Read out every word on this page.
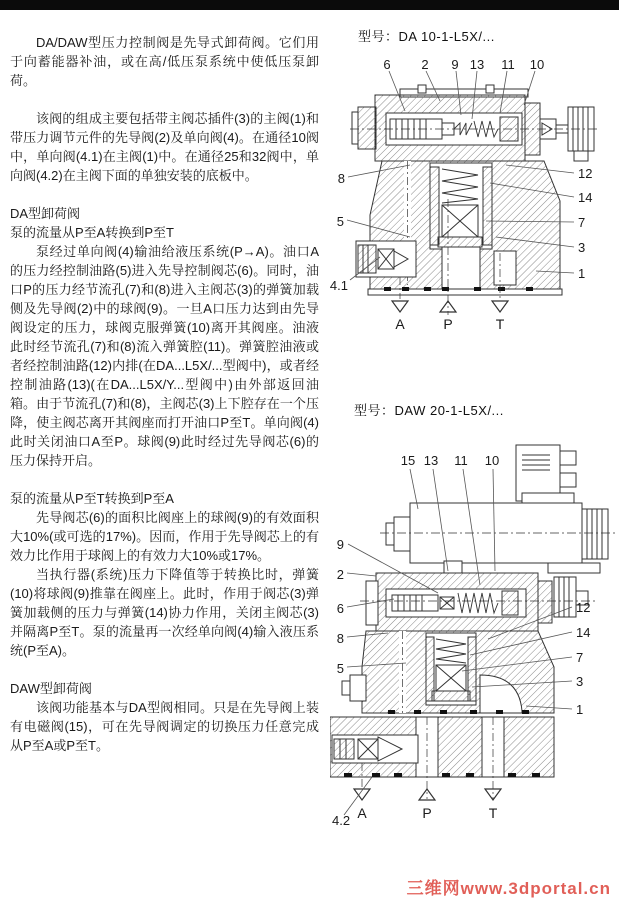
DA/DAW型压力控制阀是先导式卸荷阀。它们用于向蓄能器补油，或在高/低压泵系统中使低压泵卸荷。

该阀的组成主要包括带主阀芯插件(3)的主阀(1)和带压力调节元件的先导阀(2)及单向阀(4)。在通径10阀中，单向阀(4.1)在主阀(1)中。在通径25和32阀中，单向阀(4.2)在主阀下面的单独安装的底板中。

DA型卸荷阀

泵的流量从P至A转换到P至T

泵经过单向阀(4)输油给液压系统(P→A)。油口A的压力经控制油路(5)进入先导控制阀芯(6)。同时，油口P的压力经节流孔(7)和(8)进入主阀芯(3)的弹簧加载侧及先导阀(2)中的球阀(9)。一旦A口压力达到由先导阀设定的压力，球阀克服弹簧(10)离开其阀座。油液此时经节流孔(7)和(8)流入弹簧腔(11)。弹簧腔油液或者经控制油路(12)内排(在DA...L5X/...型阀中)，或者经控制油路(13)(在DA...L5X/Y...型阀中)由外部返回油箱。由于节流孔(7)和(8)，主阀芯(3)上下腔存在一个压降，使主阀芯离开其阀座而打开油口P至T。单向阀(4)此时关闭油口A至P。球阀(9)此时经过先导阀芯(6)的压力保持开启。

泵的流量从P至T转换到P至A

先导阀芯(6)的面积比阀座上的球阀(9)的有效面积大10%(或可选的17%)。因而，作用于先导阀芯上的有效力比作用于球阀上的有效力大10%或17%。

当执行器(系统)压力下降值等于转换比时，弹簧(10)将球阀(9)推靠在阀座上。此时，作用于阀芯(3)弹簧加载侧的压力与弹簧(14)协力作用，关闭主阀芯(3)并隔离P至T。泵的流量再一次经单向阀(4)输入液压系统(P至A)。

DAW型卸荷阀

该阀功能基本与DA型阀相同。只是在先导阀上装有电磁阀(15)，可在先导阀调定的切换压力任意完成从P至A或P至T。

型号：DA 10-1-L5X/...
A	P	T
6 2 9 13 11 10
8
5
4.1
12
14
7
3
1
型号：DAW 20-1-L5X/...
A	P	T
15 13 11 10
9
2
6
8
5
4.2
12
14
7
3
1
三维网www.3dportal.cn
